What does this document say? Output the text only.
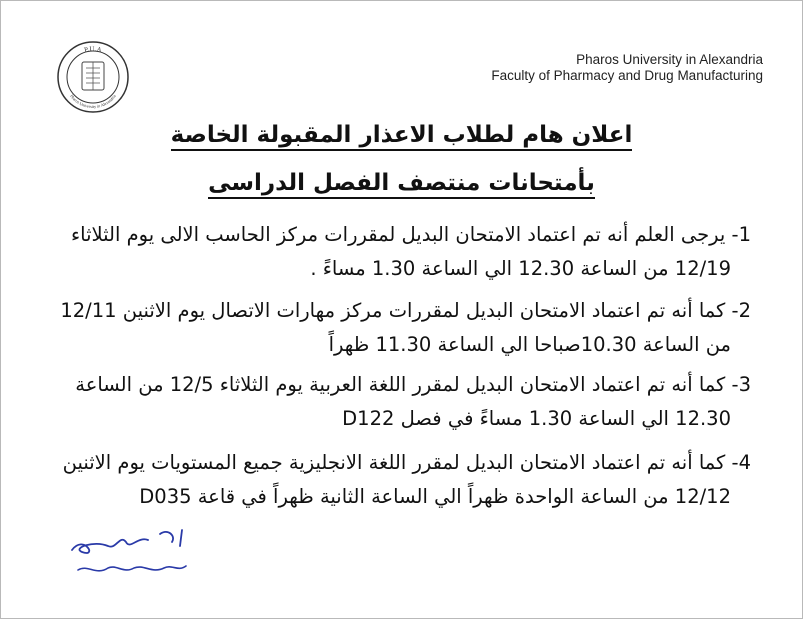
P.U.A
Pharos University in Alexandria
Pharos University in Alexandria
Faculty of Pharmacy and Drug Manufacturing
اعلان هام لطلاب الاعذار المقبولة الخاصة
بأمتحانات منتصف الفصل الدراسى
1- يرجى العلم أنه تم اعتماد الامتحان البديل لمقررات مركز الحاسب الالى يوم الثلاثاء
12/19 من الساعة 12.30 الي الساعة 1.30 مساءً .
2- كما أنه تم اعتماد الامتحان البديل لمقررات مركز مهارات الاتصال يوم الاثنين 12/11
من الساعة 10.30صباحا الي الساعة 11.30 ظهراً
3- كما أنه تم اعتماد الامتحان البديل لمقرر اللغة العربية يوم الثلاثاء 12/5 من الساعة
12.30 الي الساعة 1.30 مساءً في فصل D122
4- كما أنه تم اعتماد الامتحان البديل لمقرر اللغة الانجليزية جميع المستويات يوم الاثنين
12/12 من الساعة الواحدة ظهراً الي الساعة الثانية ظهراً في قاعة D035
